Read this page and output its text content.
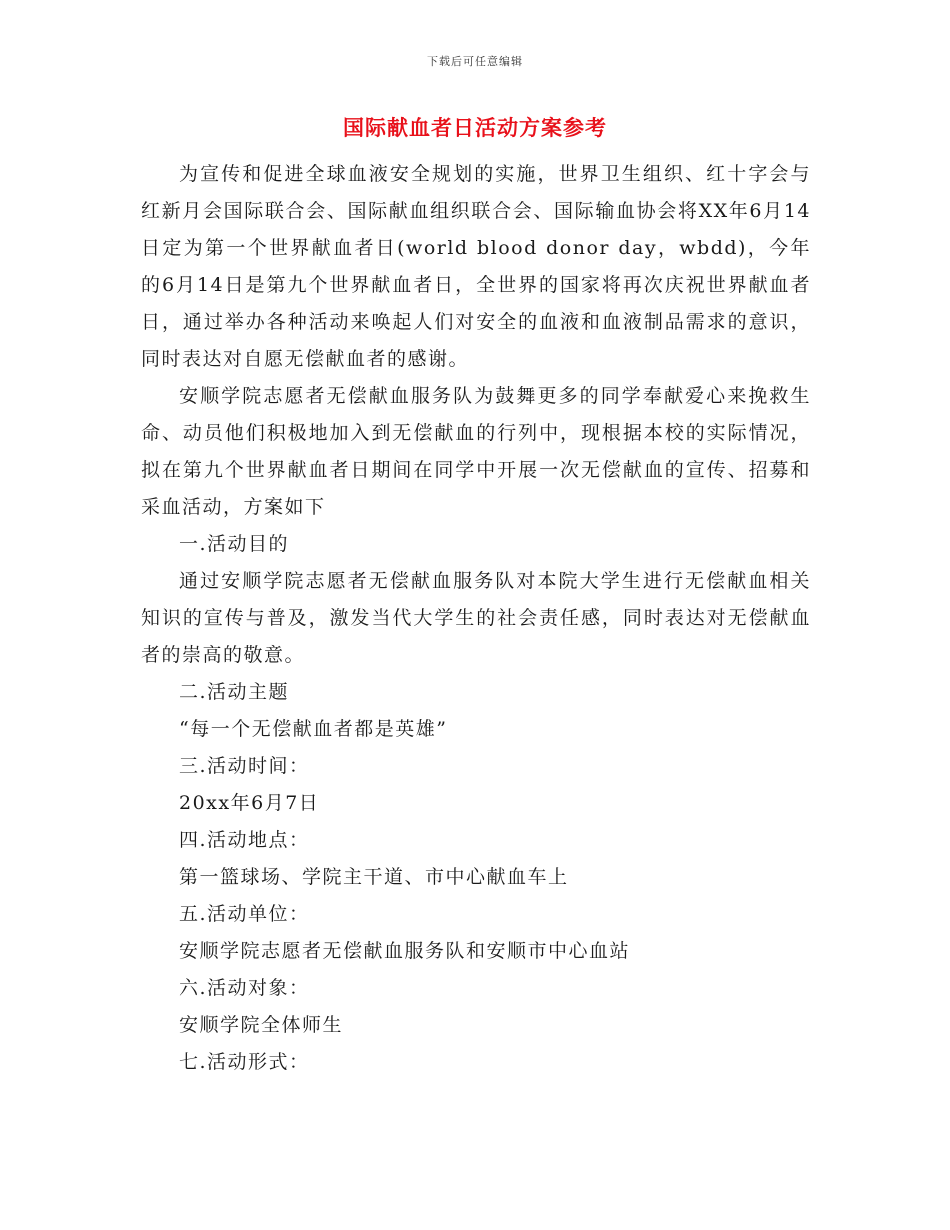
下载后可任意编辑
国际献血者日活动方案参考

为宣传和促进全球血液安全规划的实施，世界卫生组织、红十字会与红新月会国际联合会、国际献血组织联合会、国际输血协会将XX年6月14日定为第一个世界献血者日(world blood donor day，wbdd)，今年的6月14日是第九个世界献血者日，全世界的国家将再次庆祝世界献血者日，通过举办各种活动来唤起人们对安全的血液和血液制品需求的意识，同时表达对自愿无偿献血者的感谢。

安顺学院志愿者无偿献血服务队为鼓舞更多的同学奉献爱心来挽救生命、动员他们积极地加入到无偿献血的行列中，现根据本校的实际情况，拟在第九个世界献血者日期间在同学中开展一次无偿献血的宣传、招募和采血活动，方案如下

一.活动目的

通过安顺学院志愿者无偿献血服务队对本院大学生进行无偿献血相关知识的宣传与普及，激发当代大学生的社会责任感，同时表达对无偿献血者的崇高的敬意。

二.活动主题

“每一个无偿献血者都是英雄”

三.活动时间：

20xx年6月7日

四.活动地点：

第一篮球场、学院主干道、市中心献血车上

五.活动单位：

安顺学院志愿者无偿献血服务队和安顺市中心血站

六.活动对象：

安顺学院全体师生

七.活动形式：
